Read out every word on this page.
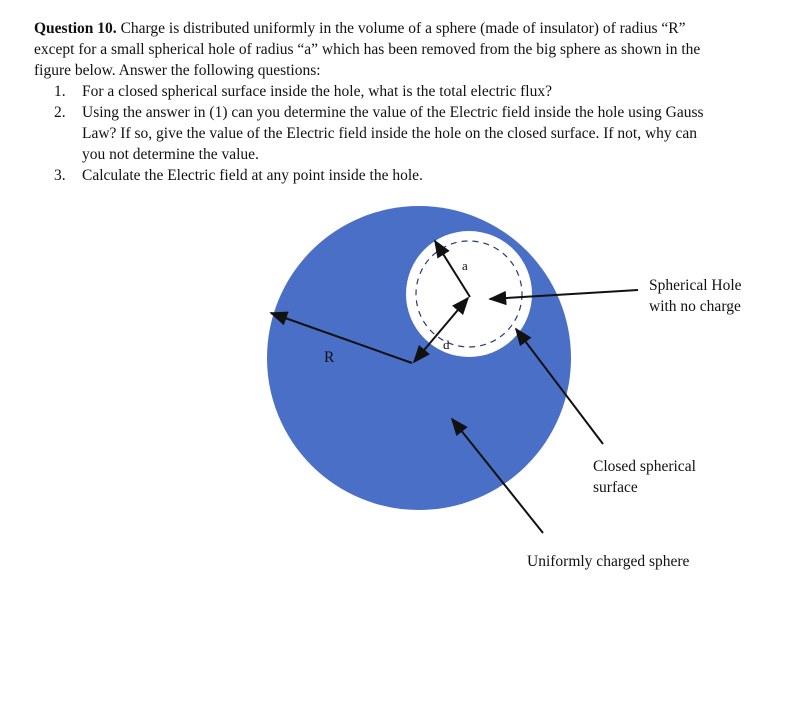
Question 10. Charge is distributed uniformly in the volume of a sphere (made of insulator) of radius “R” except for a small spherical hole of radius “a” which has been removed from the big sphere as shown in the figure below. Answer the following questions:

1. For a closed spherical surface inside the hole, what is the total electric flux?
2. Using the answer in (1) can you determine the value of the Electric field inside the hole using Gauss Law? If so, give the value of the Electric field inside the hole on the closed surface. If not, why can you not determine the value.
3. Calculate the Electric field at any point inside the hole.
R
a
d
Spherical Hole
with no charge
Closed spherical
surface
Uniformly charged sphere
